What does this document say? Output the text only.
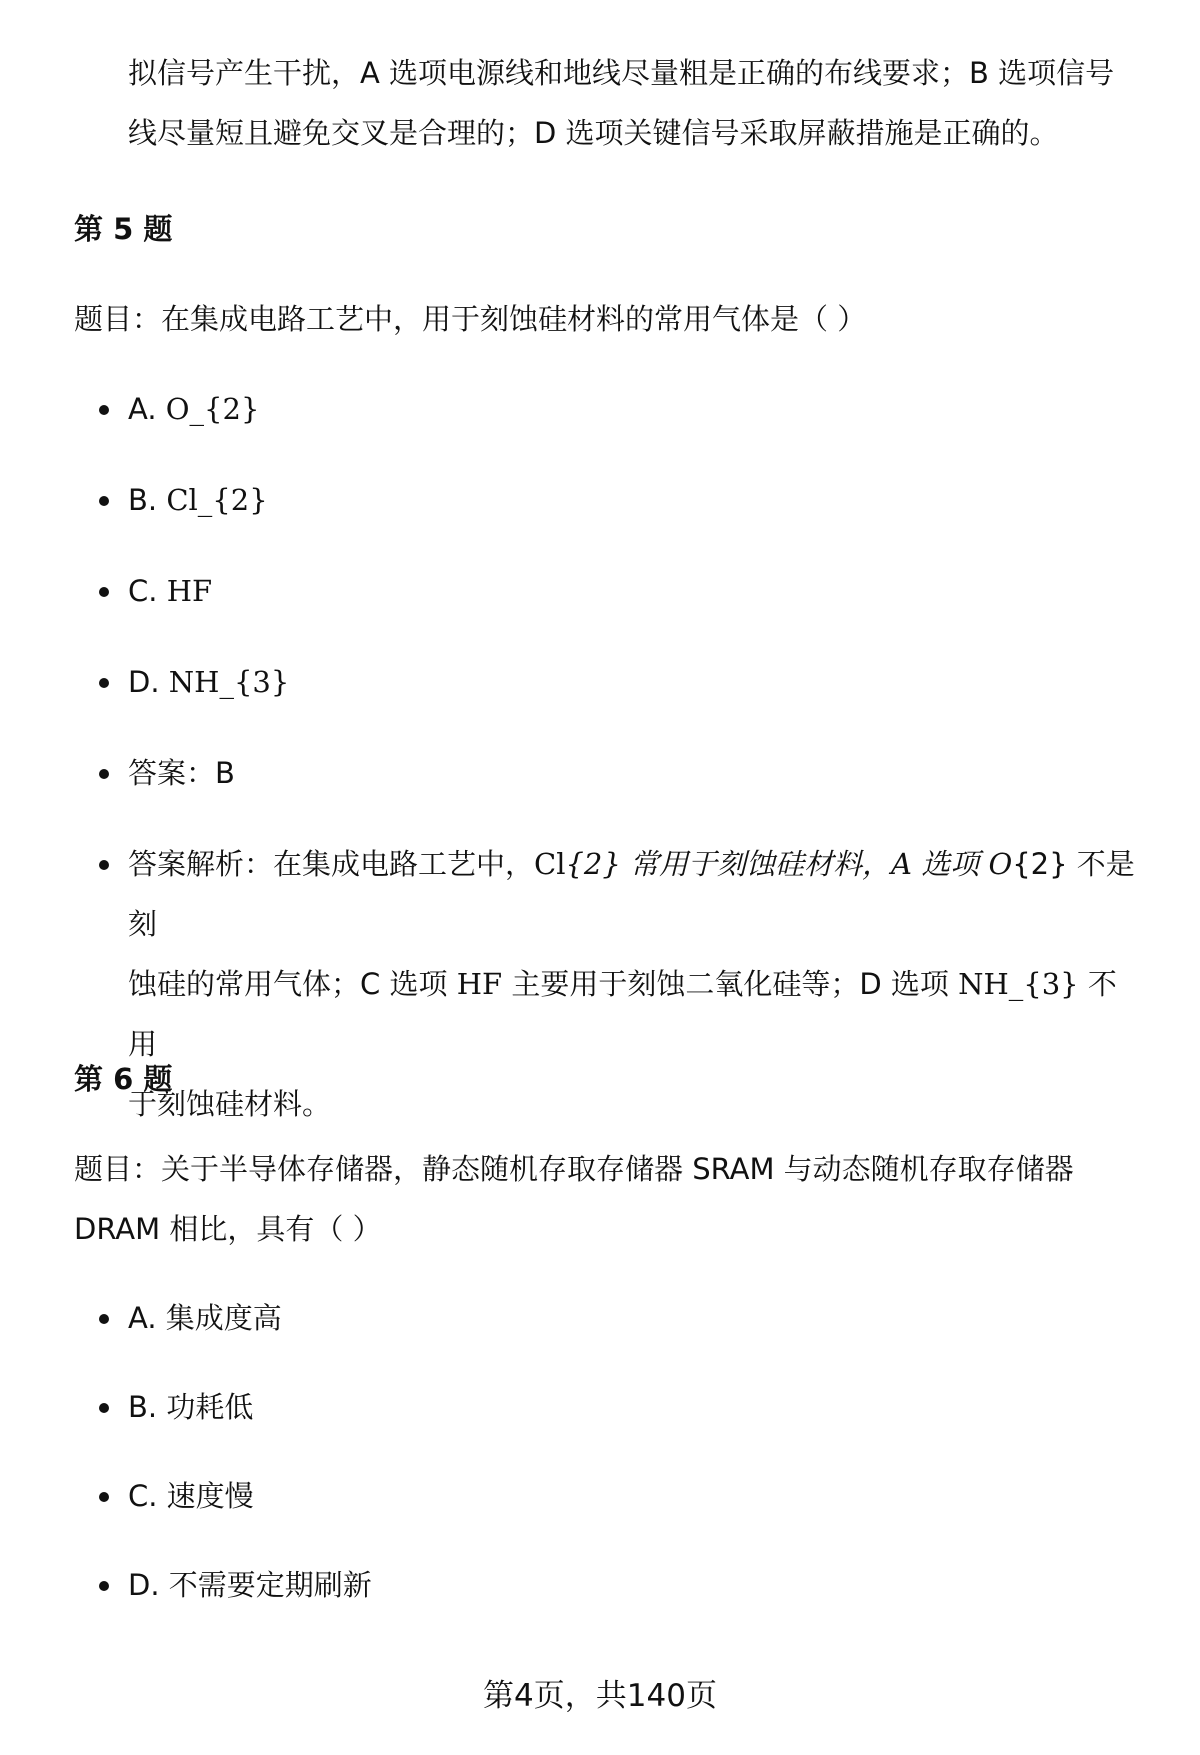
拟信号产生干扰，A 选项电源线和地线尽量粗是正确的布线要求；B 选项信号
线尽量短且避免交叉是合理的；D 选项关键信号采取屏蔽措施是正确的。
第 5 题
题目：在集成电路工艺中，用于刻蚀硅材料的常用气体是（ ）
A. O_{2}
B. Cl_{2}
C. HF
D. NH_{3}
答案：B
答案解析：在集成电路工艺中，Cl{2} 常用于刻蚀硅材料，A 选项 O{2} 不是刻
蚀硅的常用气体；C 选项 HF 主要用于刻蚀二氧化硅等；D 选项 NH_{3} 不用
于刻蚀硅材料。
第 6 题
题目：关于半导体存储器，静态随机存取存储器 SRAM 与动态随机存取存储器
DRAM 相比，具有（ ）
A. 集成度高
B. 功耗低
C. 速度慢
D. 不需要定期刷新
第4页，共140页
